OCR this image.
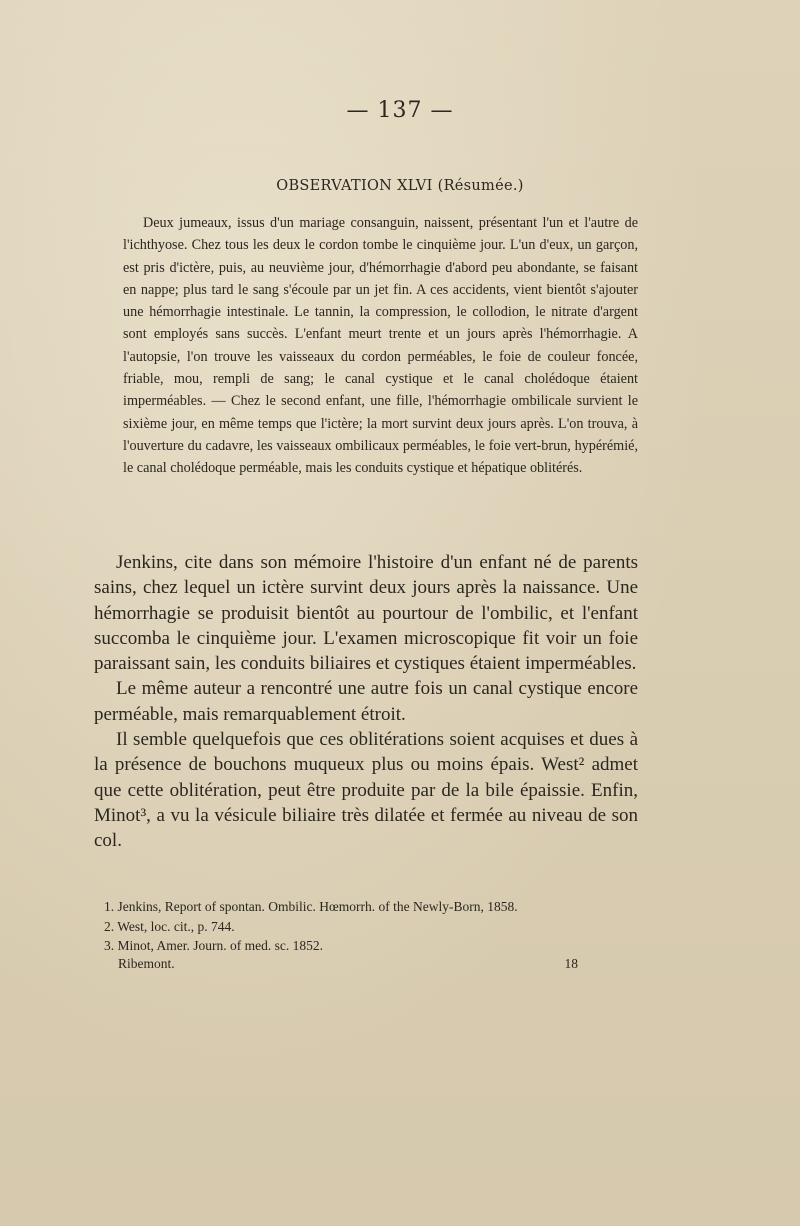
— 137 —
OBSERVATION XLVI (Résumée.)

Deux jumeaux, issus d'un mariage consanguin, naissent, présentant l'un et l'autre de l'ichthyose. Chez tous les deux le cordon tombe le cinquième jour. L'un d'eux, un garçon, est pris d'ictère, puis, au neuvième jour, d'hémorrhagie d'abord peu abondante, se faisant en nappe; plus tard le sang s'écoule par un jet fin. A ces accidents, vient bientôt s'ajouter une hémorrhagie intestinale. Le tannin, la compression, le collodion, le nitrate d'argent sont employés sans succès. L'enfant meurt trente et un jours après l'hémorrhagie. A l'autopsie, l'on trouve les vaisseaux du cordon perméables, le foie de couleur foncée, friable, mou, rempli de sang; le canal cystique et le canal cholédoque étaient imperméables. — Chez le second enfant, une fille, l'hémorrhagie ombilicale survient le sixième jour, en même temps que l'ictère; la mort survint deux jours après. L'on trouva, à l'ouverture du cadavre, les vaisseaux ombilicaux perméables, le foie vert-brun, hypérémié, le canal cholédoque perméable, mais les conduits cystique et hépatique oblitérés.

Jenkins, cite dans son mémoire l'histoire d'un enfant né de parents sains, chez lequel un ictère survint deux jours après la naissance. Une hémorrhagie se produisit bientôt au pourtour de l'ombilic, et l'enfant succomba le cinquième jour. L'examen microscopique fit voir un foie paraissant sain, les conduits biliaires et cystiques étaient imperméables.

Le même auteur a rencontré une autre fois un canal cystique encore perméable, mais remarquablement étroit.

Il semble quelquefois que ces oblitérations soient acquises et dues à la présence de bouchons muqueux plus ou moins épais. West² admet que cette oblitération, peut être produite par de la bile épaissie. Enfin, Minot³, a vu la vésicule biliaire très dilatée et fermée au niveau de son col.

1. Jenkins, Report of spontan. Ombilic. Hœmorrh. of the Newly-Born, 1858.
2. West, loc. cit., p. 744.
3. Minot, Amer. Journ. of med. sc. 1852.
Ribemont.	18
